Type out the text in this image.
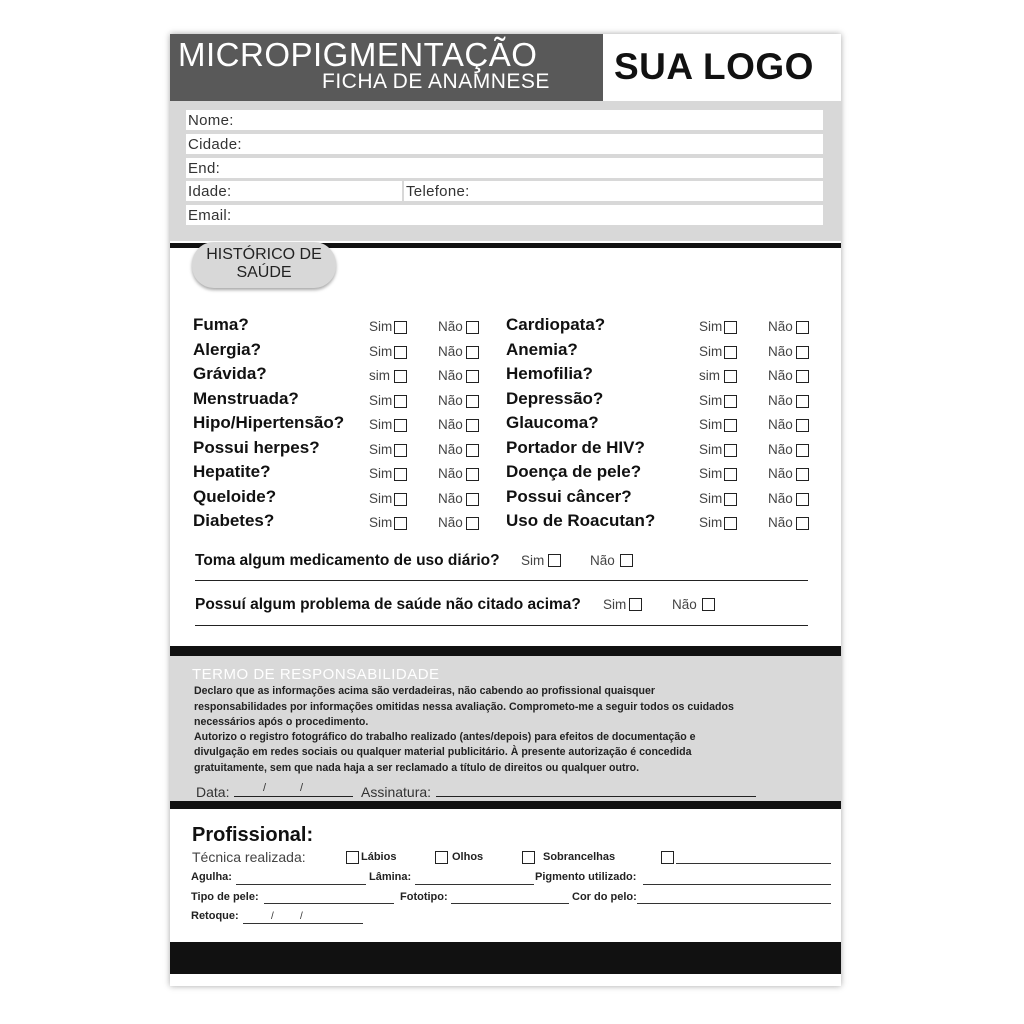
MICROPIGMENTAÇÃO
FICHA DE ANAMNESE SUA LOGO
Nome:
Cidade:
End:
Idade:	Telefone:
Email:
HISTÓRICO DE
SAÚDE
Fuma?	Sim	Não
Alergia?	Sim	Não
Grávida?	sim	Não
Menstruada?	Sim	Não
Hipo/Hipertensão? Sim	Não
Possui herpes?	Sim	Não
Hepatite?	Sim	Não
Queloide?	Sim	Não
Diabetes?	Sim	Não
Cardiopata?	Sim	Não
Anemia?	Sim	Não
Hemofilia?	sim	Não
Depressão?	Sim	Não
Glaucoma?	Sim	Não
Portador de HIV?	Sim	Não
Doença de pele?	Sim	Não
Possui câncer?	Sim	Não
Uso de Roacutan?	Sim	Não
Toma algum medicamento de uso diário? Sim	Não
Possuí algum problema de saúde não citado acima? Sim	Não
TERMO DE RESPONSABILIDADE
Declaro que as informações acima são verdadeiras, não cabendo ao profissional quaisquer
responsabilidades por informações omitidas nessa avaliação. Comprometo-me a seguir todos os cuidados
necessários após o procedimento.
Autorizo o registro fotográfico do trabalho realizado (antes/depois) para efeitos de documentação e
divulgação em redes sociais ou qualquer material publicitário. À presente autorização é concedida
gratuitamente, sem que nada haja a ser reclamado a título de direitos ou qualquer outro.
Data:	/	/	Assinatura:
Profissional:
Técnica realizada:	Lábios	Olhos	Sobrancelhas
Agulha:	Lâmina:	Pigmento utilizado:
Tipo de pele:	Fototipo:	Cor do pelo:
Retoque:	/	/
